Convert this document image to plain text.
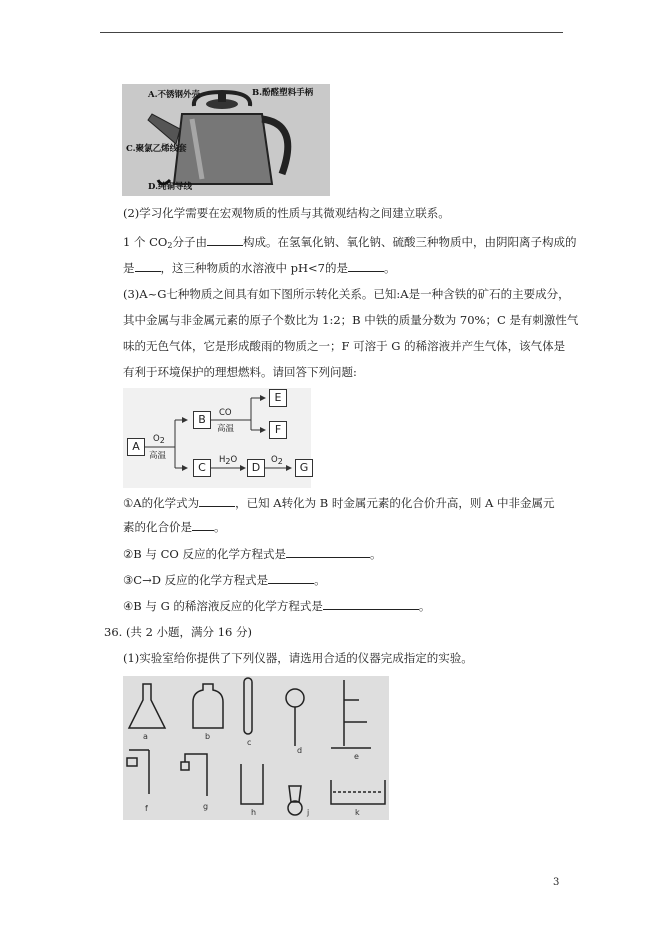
A.不锈钢外壳	B.酚醛塑料手柄
C.聚氯乙烯线套
D.纯铜导线
(2)学习化学需要在宏观物质的性质与其微观结构之间建立联系。
1 个 $CO_2$分子由	构成。在氢氧化钠、氧化钠、硫酸三种物质中，由阴阳离子构成的
是 ，这三种物质的水溶液中 pH<7的是	。
(3)A~G七种物质之间具有如下图所示转化关系。已知:A是一种含铁的矿石的主要成分，
其中金属与非金属元素的原子个数比为 1:2；B 中铁的质量分数为 70%；C 是有刺激性气
味的无色气体，它是形成酸雨的物质之一；F 可溶于 G 的稀溶液并产生气体，该气体是
有利于环境保护的理想燃料。请回答下列问题:
A
B
C	D
E
F
G
$O_2$
高温
CO
高温
$H_2O$	$O_2$
①A的化学式为	，已知 A转化为 B 时金属元素的化合价升高，则 A 中非金属元
素的化合价是 。
②B 与 CO 反应的化学方程式是	。
③C→D 反应的化学方程式是	。
④B 与 G 的稀溶液反应的化学方程式是	。
36. (共 2 小题，满分 16 分)
(1)实验室给你提供了下列仪器，请选用合适的仪器完成指定的实验。
a	b
c
d
e
f	g
h	j	k
3
